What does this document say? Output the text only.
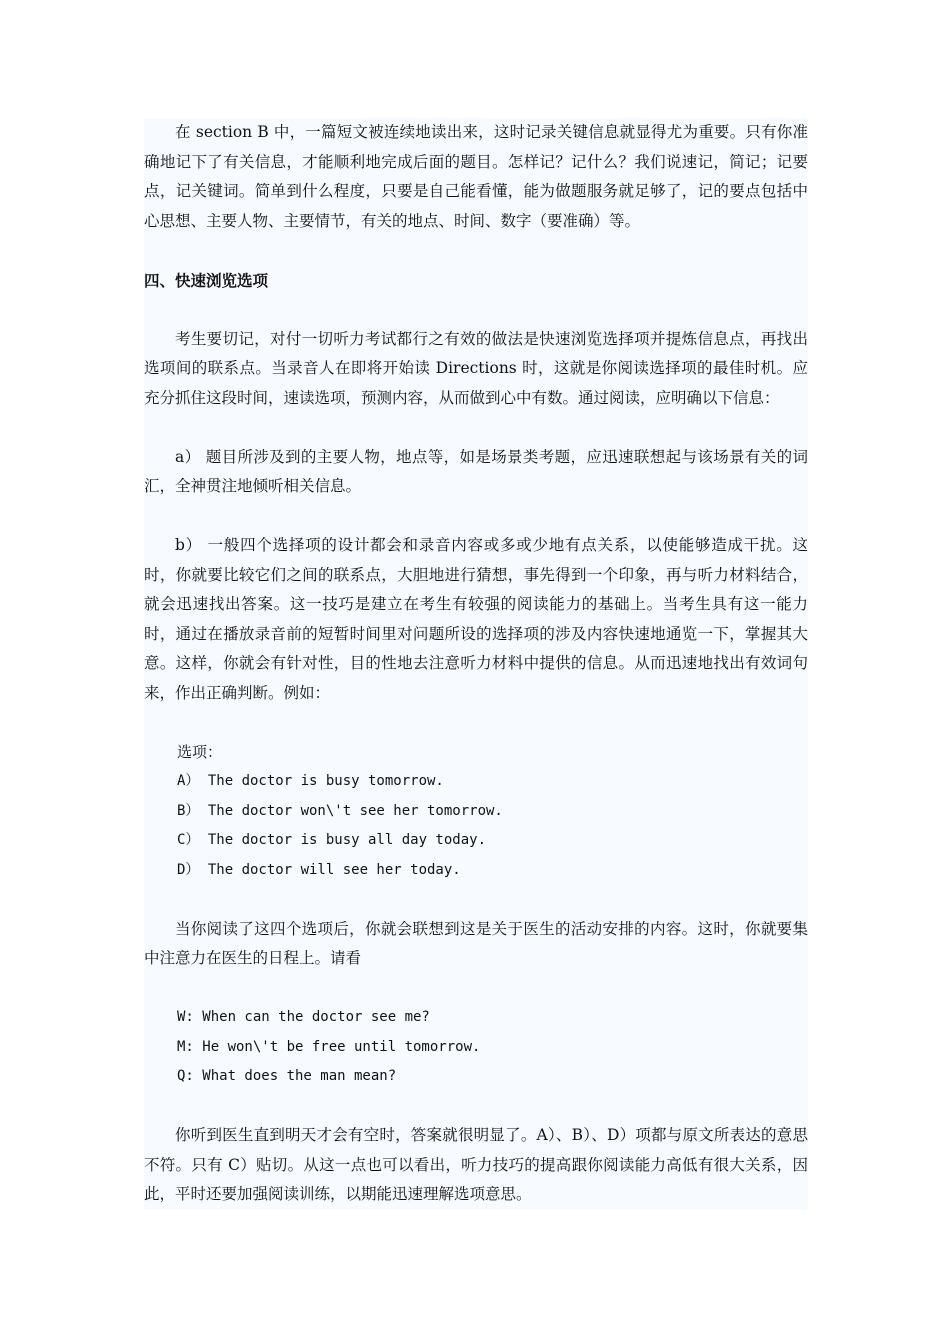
在 section B 中，一篇短文被连续地读出来，这时记录关键信息就显得尤为重要。只有你准确地记下了有关信息，才能顺利地完成后面的题目。怎样记？记什么？我们说速记，简记；记要点，记关键词。简单到什么程度，只要是自己能看懂，能为做题服务就足够了，记的要点包括中心思想、主要人物、主要情节，有关的地点、时间、数字（要准确）等。

四、快速浏览选项

考生要切记，对付一切听力考试都行之有效的做法是快速浏览选择项并提炼信息点，再找出选项间的联系点。当录音人在即将开始读 Directions 时，这就是你阅读选择项的最佳时机。应充分抓住这段时间，速读选项，预测内容，从而做到心中有数。通过阅读，应明确以下信息：

a） 题目所涉及到的主要人物，地点等，如是场景类考题，应迅速联想起与该场景有关的词汇，全神贯注地倾听相关信息。

b） 一般四个选择项的设计都会和录音内容或多或少地有点关系，以使能够造成干扰。这时，你就要比较它们之间的联系点，大胆地进行猜想，事先得到一个印象，再与听力材料结合，就会迅速找出答案。这一技巧是建立在考生有较强的阅读能力的基础上。当考生具有这一能力时，通过在播放录音前的短暂时间里对问题所设的选择项的涉及内容快速地通览一下，掌握其大意。这样，你就会有针对性，目的性地去注意听力材料中提供的信息。从而迅速地找出有效词句来，作出正确判断。例如：

选项：
A） The doctor is busy tomorrow.
B） The doctor won\'t see her tomorrow.
C） The doctor is busy all day today.
D） The doctor will see her today.

当你阅读了这四个选项后，你就会联想到这是关于医生的活动安排的内容。这时，你就要集中注意力在医生的日程上。请看

W: When can the doctor see me?
M: He won\'t be free until tomorrow.
Q: What does the man mean?

你听到医生直到明天才会有空时，答案就很明显了。A）、B）、D）项都与原文所表达的意思不符。只有 C）贴切。从这一点也可以看出，听力技巧的提高跟你阅读能力高低有很大关系，因此，平时还要加强阅读训练，以期能迅速理解选项意思。
